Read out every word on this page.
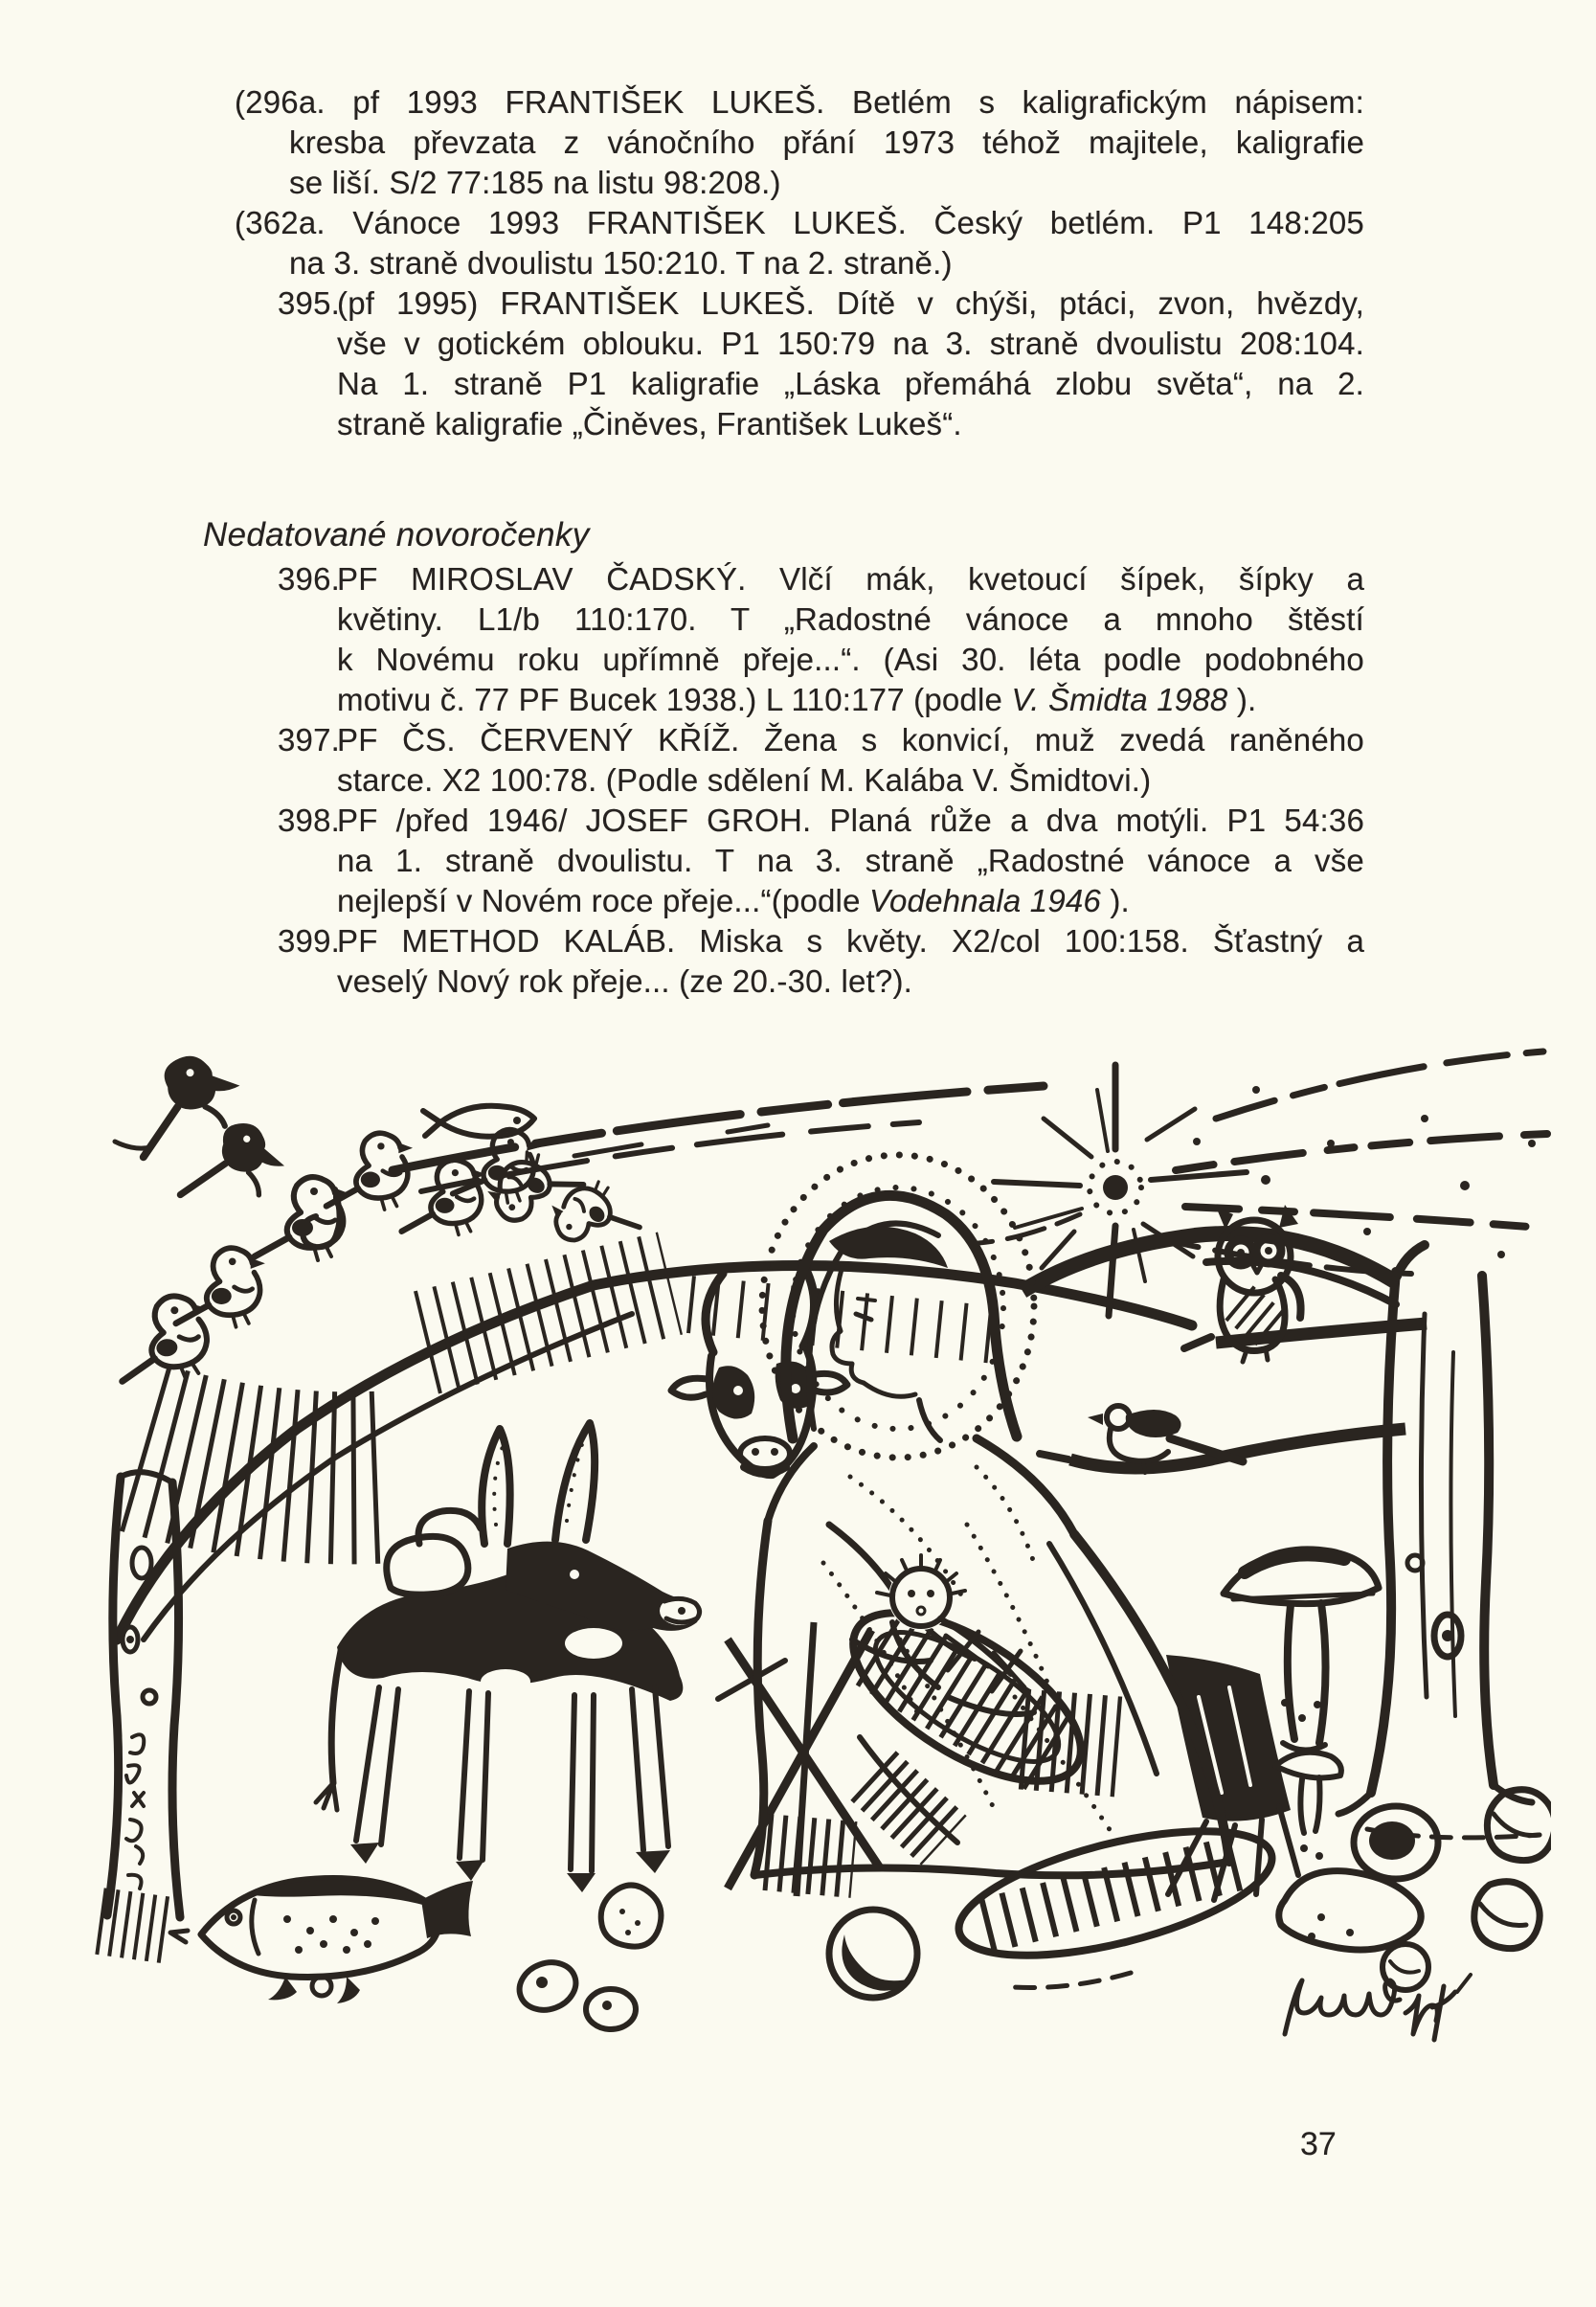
(296a. pf 1993 FRANTIŠEK LUKEŠ. Betlém s kaligrafickým nápisem:
kresba převzata z vánočního přání 1973 téhož majitele, kaligrafie
se liší. S/2 77:185 na listu 98:208.)
(362a. Vánoce 1993 FRANTIŠEK LUKEŠ. Český betlém. P1 148:205
na 3. straně dvoulistu 150:210. T na 2. straně.)
395.(pf 1995) FRANTIŠEK LUKEŠ. Dítě v chýši, ptáci, zvon, hvězdy,
vše v gotickém oblouku. P1 150:79 na 3. straně dvoulistu 208:104.
Na 1. straně P1 kaligrafie „Láska přemáhá zlobu světa“, na 2.
straně kaligrafie „Činěves, František Lukeš“.
Nedatované novoročenky
396.PF MIROSLAV ČADSKÝ. Vlčí mák, kvetoucí šípek, šípky a
květiny. L1/b 110:170. T „Radostné vánoce a mnoho štěstí
k Novému roku upřímně přeje...“. (Asi 30. léta podle podobného
motivu č. 77 PF Bucek 1938.) L 110:177 (podle V. Šmidta 1988 ).
397.PF ČS. ČERVENÝ KŘÍŽ. Žena s konvicí, muž zvedá raněného
starce. X2 100:78. (Podle sdělení M. Kalába V. Šmidtovi.)
398.PF /před 1946/ JOSEF GROH. Planá růže a dva motýli. P1 54:36
na 1. straně dvoulistu. T na 3. straně „Radostné vánoce a vše
nejlepší v Novém roce přeje...“(podle Vodehnala 1946 ).
399.PF METHOD KALÁB. Miska s květy. X2/col 100:158. Šťastný a
veselý Nový rok přeje... (ze 20.-30. let?).
37
